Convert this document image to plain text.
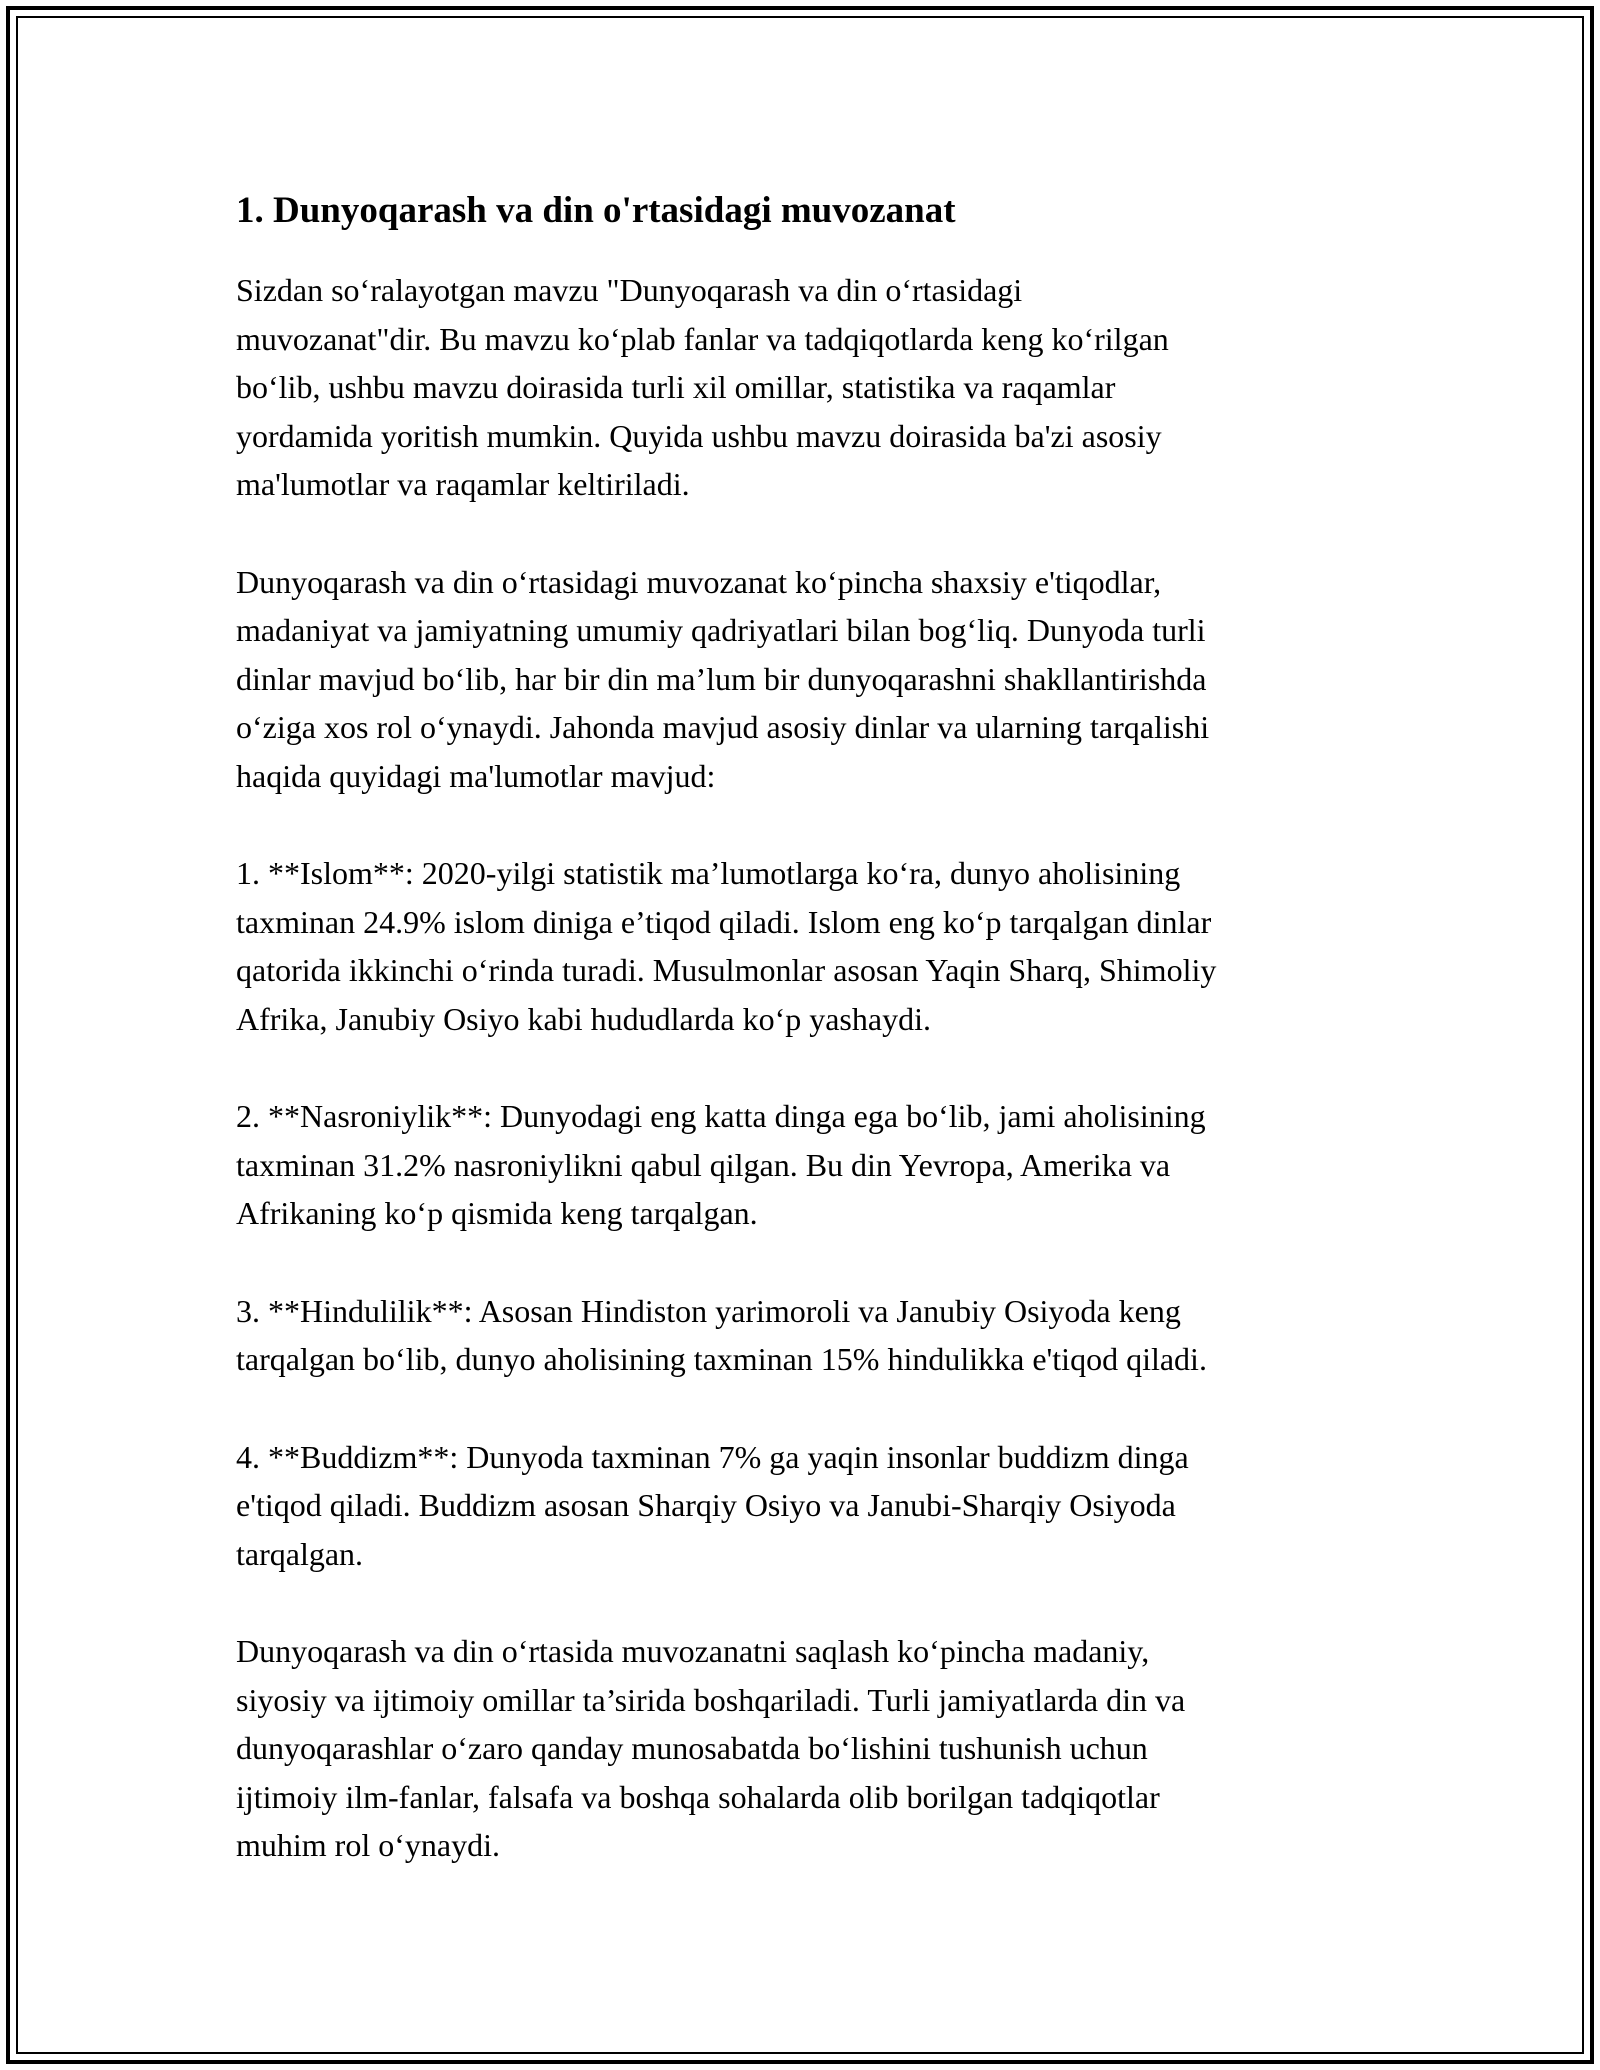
1. Dunyoqarash va din o'rtasidagi muvozanat

Sizdan so‘ralayotgan mavzu "Dunyoqarash va din o‘rtasidagi
muvozanat"dir. Bu mavzu ko‘plab fanlar va tadqiqotlarda keng ko‘rilgan
bo‘lib, ushbu mavzu doirasida turli xil omillar, statistika va raqamlar
yordamida yoritish mumkin. Quyida ushbu mavzu doirasida ba'zi asosiy
ma'lumotlar va raqamlar keltiriladi.

Dunyoqarash va din o‘rtasidagi muvozanat ko‘pincha shaxsiy e'tiqodlar,
madaniyat va jamiyatning umumiy qadriyatlari bilan bog‘liq. Dunyoda turli
dinlar mavjud bo‘lib, har bir din ma’lum bir dunyoqarashni shakllantirishda
o‘ziga xos rol o‘ynaydi. Jahonda mavjud asosiy dinlar va ularning tarqalishi
haqida quyidagi ma'lumotlar mavjud:

1. **Islom**: 2020-yilgi statistik ma’lumotlarga ko‘ra, dunyo aholisining
taxminan 24.9% islom diniga e’tiqod qiladi. Islom eng ko‘p tarqalgan dinlar
qatorida ikkinchi o‘rinda turadi. Musulmonlar asosan Yaqin Sharq, Shimoliy
Afrika, Janubiy Osiyo kabi hududlarda ko‘p yashaydi.

2. **Nasroniylik**: Dunyodagi eng katta dinga ega bo‘lib, jami aholisining
taxminan 31.2% nasroniylikni qabul qilgan. Bu din Yevropa, Amerika va
Afrikaning ko‘p qismida keng tarqalgan.

3. **Hindulilik**: Asosan Hindiston yarimoroli va Janubiy Osiyoda keng
tarqalgan bo‘lib, dunyo aholisining taxminan 15% hindulikka e'tiqod qiladi.

4. **Buddizm**: Dunyoda taxminan 7% ga yaqin insonlar buddizm dinga
e'tiqod qiladi. Buddizm asosan Sharqiy Osiyo va Janubi-Sharqiy Osiyoda
tarqalgan.

Dunyoqarash va din o‘rtasida muvozanatni saqlash ko‘pincha madaniy,
siyosiy va ijtimoiy omillar ta’sirida boshqariladi. Turli jamiyatlarda din va
dunyoqarashlar o‘zaro qanday munosabatda bo‘lishini tushunish uchun
ijtimoiy ilm-fanlar, falsafa va boshqa sohalarda olib borilgan tadqiqotlar
muhim rol o‘ynaydi.
